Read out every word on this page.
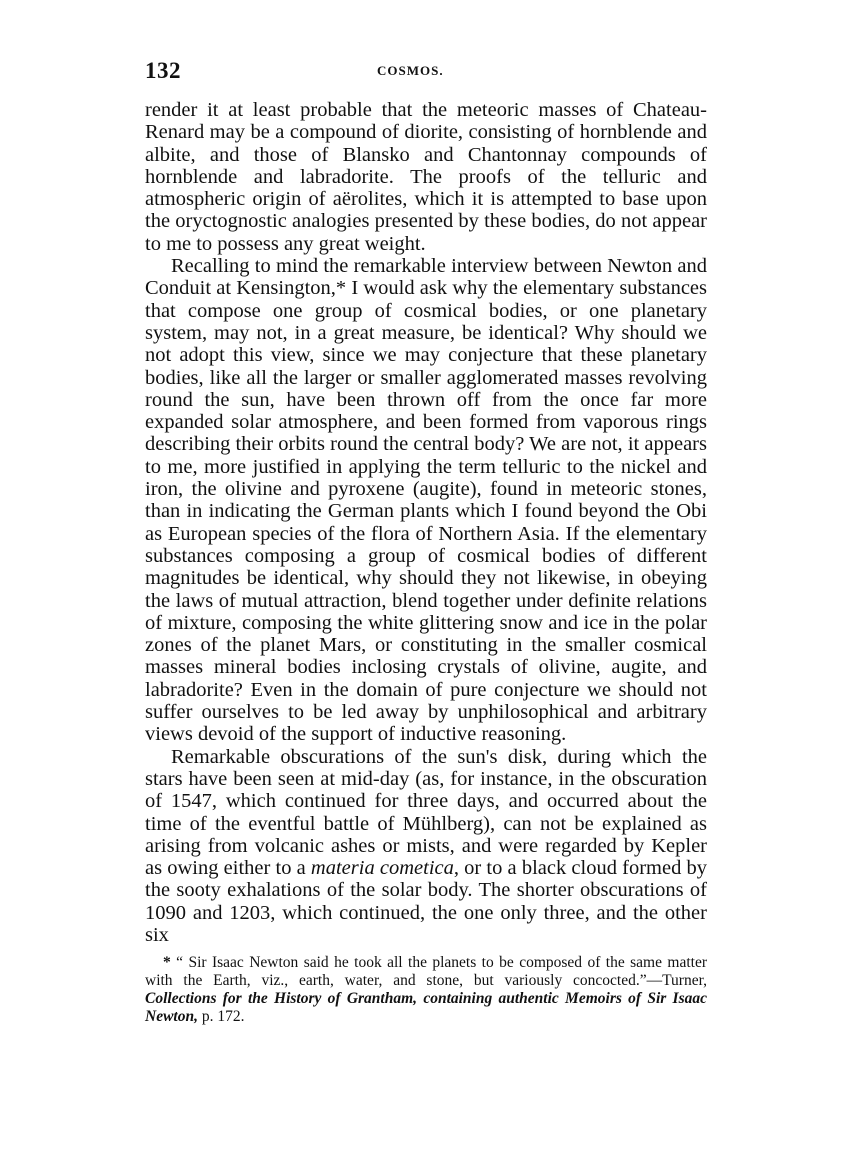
132	COSMOS.

render it at least probable that the meteoric masses of Chateau-Renard may be a compound of diorite, consisting of hornblende and albite, and those of Blansko and Chantonnay compounds of hornblende and labradorite. The proofs of the telluric and atmospheric origin of aërolites, which it is attempted to base upon the oryctognostic analogies presented by these bodies, do not appear to me to possess any great weight.

Recalling to mind the remarkable interview between Newton and Conduit at Kensington,* I would ask why the elementary substances that compose one group of cosmical bodies, or one planetary system, may not, in a great measure, be identical? Why should we not adopt this view, since we may conjecture that these planetary bodies, like all the larger or smaller agglomerated masses revolving round the sun, have been thrown off from the once far more expanded solar atmosphere, and been formed from vaporous rings describing their orbits round the central body? We are not, it appears to me, more justified in applying the term telluric to the nickel and iron, the olivine and pyroxene (augite), found in meteoric stones, than in indicating the German plants which I found beyond the Obi as European species of the flora of Northern Asia. If the elementary substances composing a group of cosmical bodies of different magnitudes be identical, why should they not likewise, in obeying the laws of mutual attraction, blend together under definite relations of mixture, composing the white glittering snow and ice in the polar zones of the planet Mars, or constituting in the smaller cosmical masses mineral bodies inclosing crystals of olivine, augite, and labradorite? Even in the domain of pure conjecture we should not suffer ourselves to be led away by unphilosophical and arbitrary views devoid of the support of inductive reasoning.

Remarkable obscurations of the sun's disk, during which the stars have been seen at mid-day (as, for instance, in the obscuration of 1547, which continued for three days, and occurred about the time of the eventful battle of Mühlberg), can not be explained as arising from volcanic ashes or mists, and were regarded by Kepler as owing either to a materia cometica, or to a black cloud formed by the sooty exhalations of the solar body. The shorter obscurations of 1090 and 1203, which continued, the one only three, and the other six

* “ Sir Isaac Newton said he took all the planets to be composed of the same matter with the Earth, viz., earth, water, and stone, but variously concocted.”—Turner, Collections for the History of Grantham, containing authentic Memoirs of Sir Isaac Newton, p. 172.
